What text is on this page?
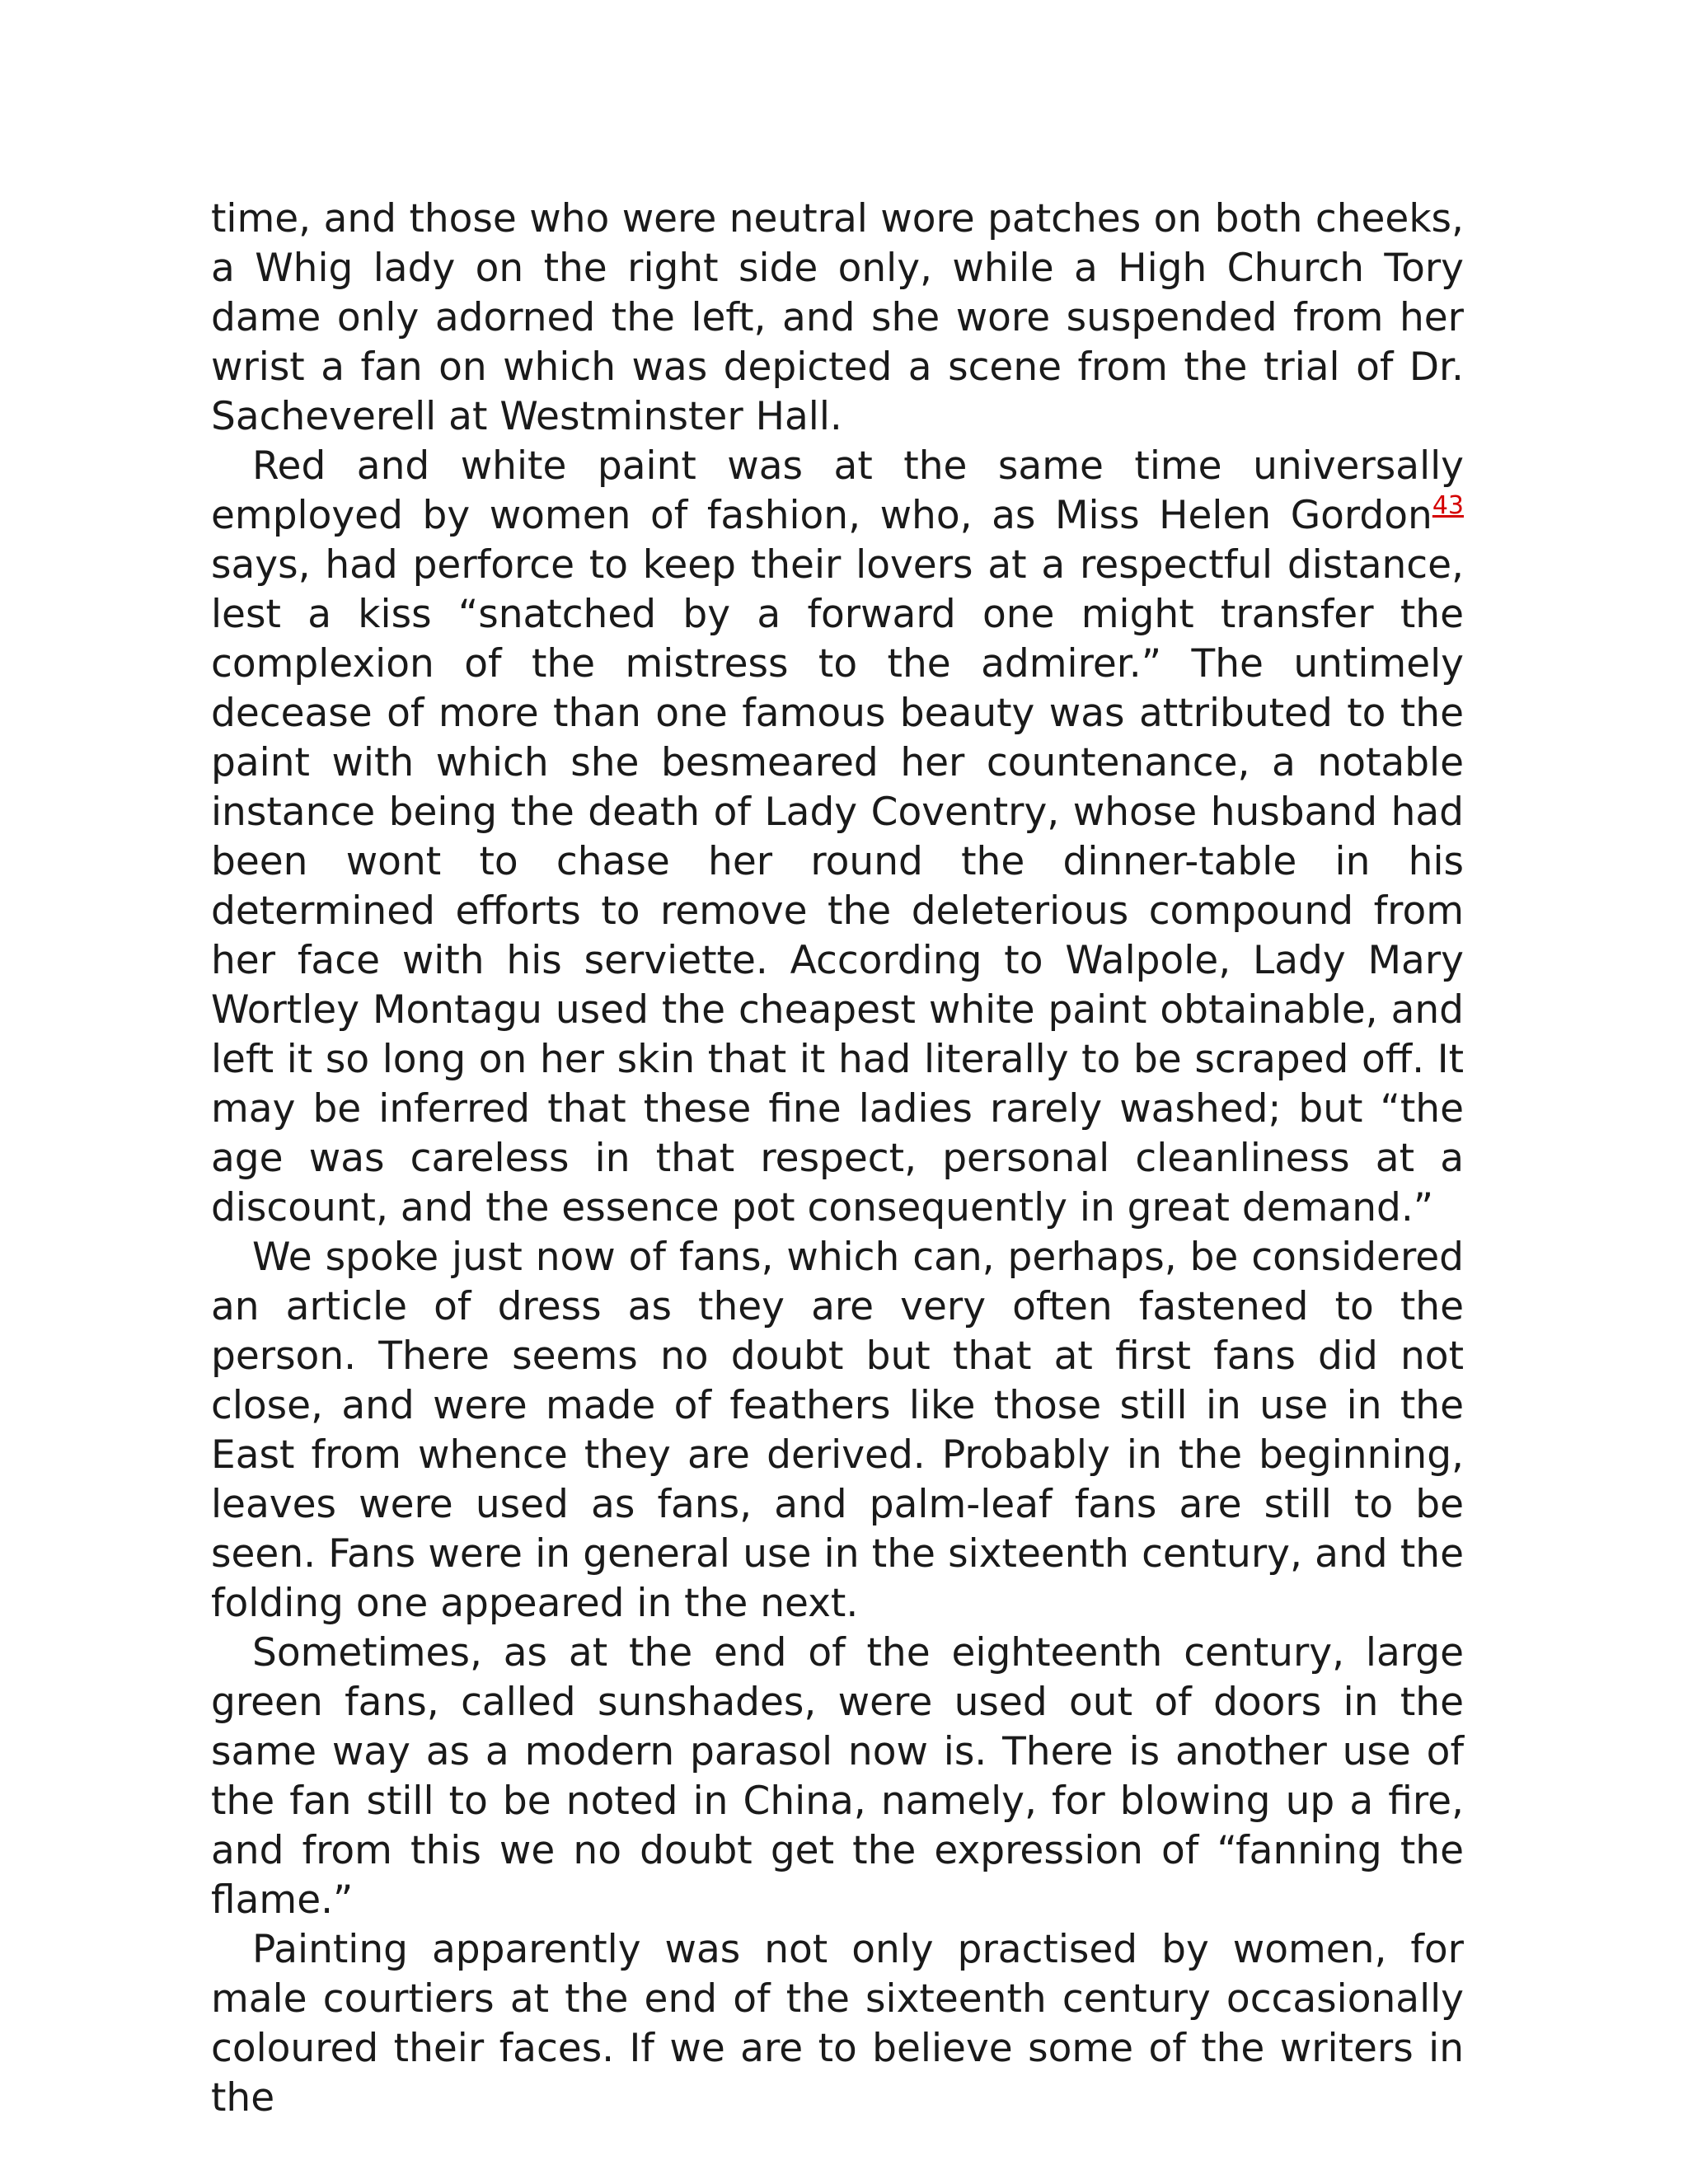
time, and those who were neutral wore patches on both cheeks, a Whig lady on the right side only, while a High Church Tory dame only adorned the left, and she wore suspended from her wrist a fan on which was depicted a scene from the trial of Dr. Sacheverell at Westminster Hall.

Red and white paint was at the same time universally employed by women of fashion, who, as Miss Helen Gordon$^{43}$ says, had perforce to keep their lovers at a respectful distance, lest a kiss “snatched by a forward one might transfer the complexion of the mistress to the admirer.” The untimely decease of more than one famous beauty was attributed to the paint with which she besmeared her countenance, a notable instance being the death of Lady Coventry, whose husband had been wont to chase her round the dinner-table in his determined efforts to remove the deleterious compound from her face with his serviette. According to Walpole, Lady Mary Wortley Montagu used the cheapest white paint obtainable, and left it so long on her skin that it had literally to be scraped off. It may be inferred that these fine ladies rarely washed; but “the age was careless in that respect, personal cleanliness at a discount, and the essence pot consequently in great demand.”

We spoke just now of fans, which can, perhaps, be considered an article of dress as they are very often fastened to the person. There seems no doubt but that at first fans did not close, and were made of feathers like those still in use in the East from whence they are derived. Probably in the beginning, leaves were used as fans, and palm-leaf fans are still to be seen. Fans were in general use in the sixteenth century, and the folding one appeared in the next.

Sometimes, as at the end of the eighteenth century, large green fans, called sunshades, were used out of doors in the same way as a modern parasol now is. There is another use of the fan still to be noted in China, namely, for blowing up a fire, and from this we no doubt get the expression of “fanning the flame.”

Painting apparently was not only practised by women, for male courtiers at the end of the sixteenth century occasionally coloured their faces. If we are to believe some of the writers in the
